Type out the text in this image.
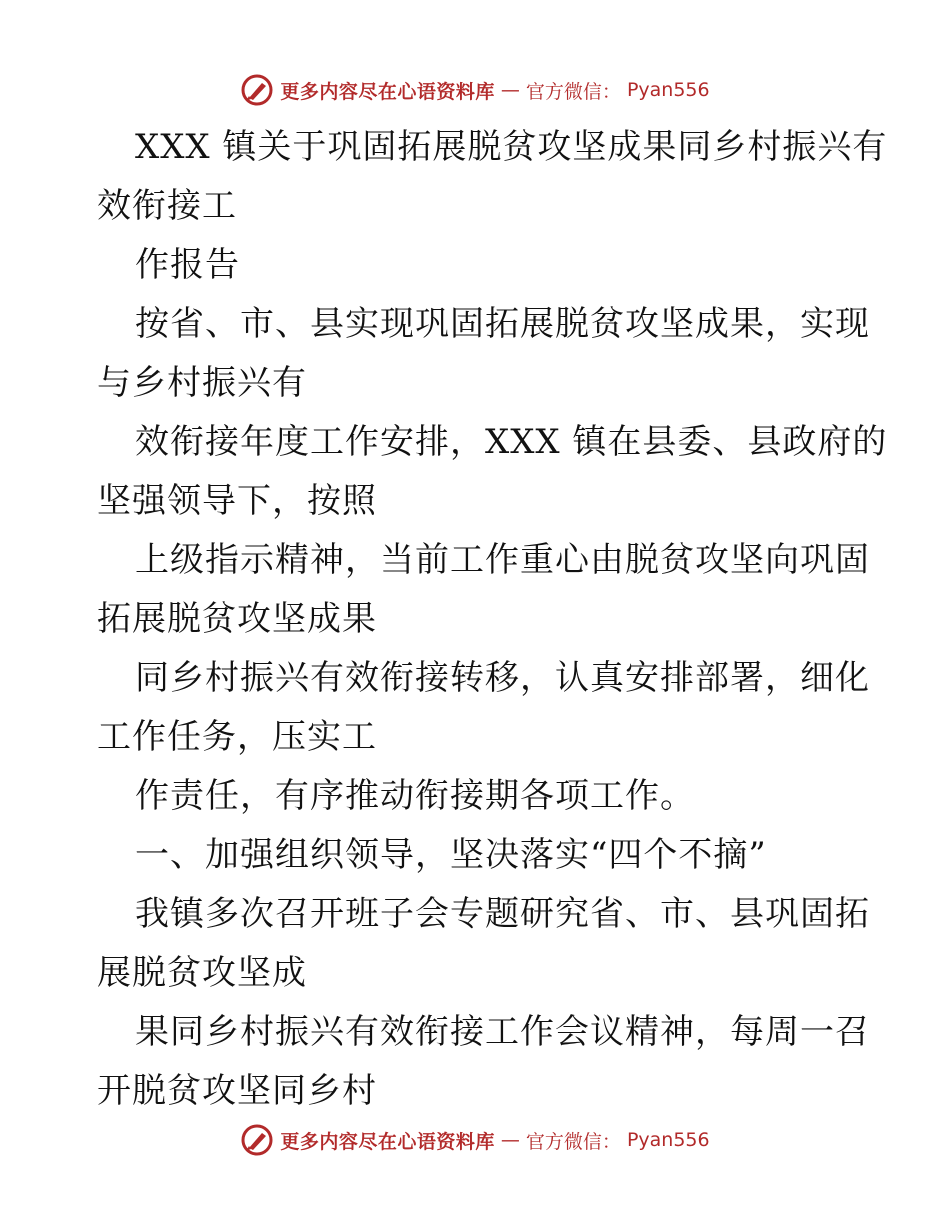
更多内容尽在心语资料库 — 官方微信： Pyan556
XXX 镇关于巩固拓展脱贫攻坚成果同乡村振兴有
效衔接工
作报告
按省、市、县实现巩固拓展脱贫攻坚成果，实现
与乡村振兴有
效衔接年度工作安排，XXX 镇在县委、县政府的
坚强领导下，按照
上级指示精神，当前工作重心由脱贫攻坚向巩固
拓展脱贫攻坚成果
同乡村振兴有效衔接转移，认真安排部署，细化
工作任务，压实工
作责任，有序推动衔接期各项工作。
一、加强组织领导，坚决落实“四个不摘”
我镇多次召开班子会专题研究省、市、县巩固拓
展脱贫攻坚成
果同乡村振兴有效衔接工作会议精神，每周一召
开脱贫攻坚同乡村
更多内容尽在心语资料库 — 官方微信： Pyan556
